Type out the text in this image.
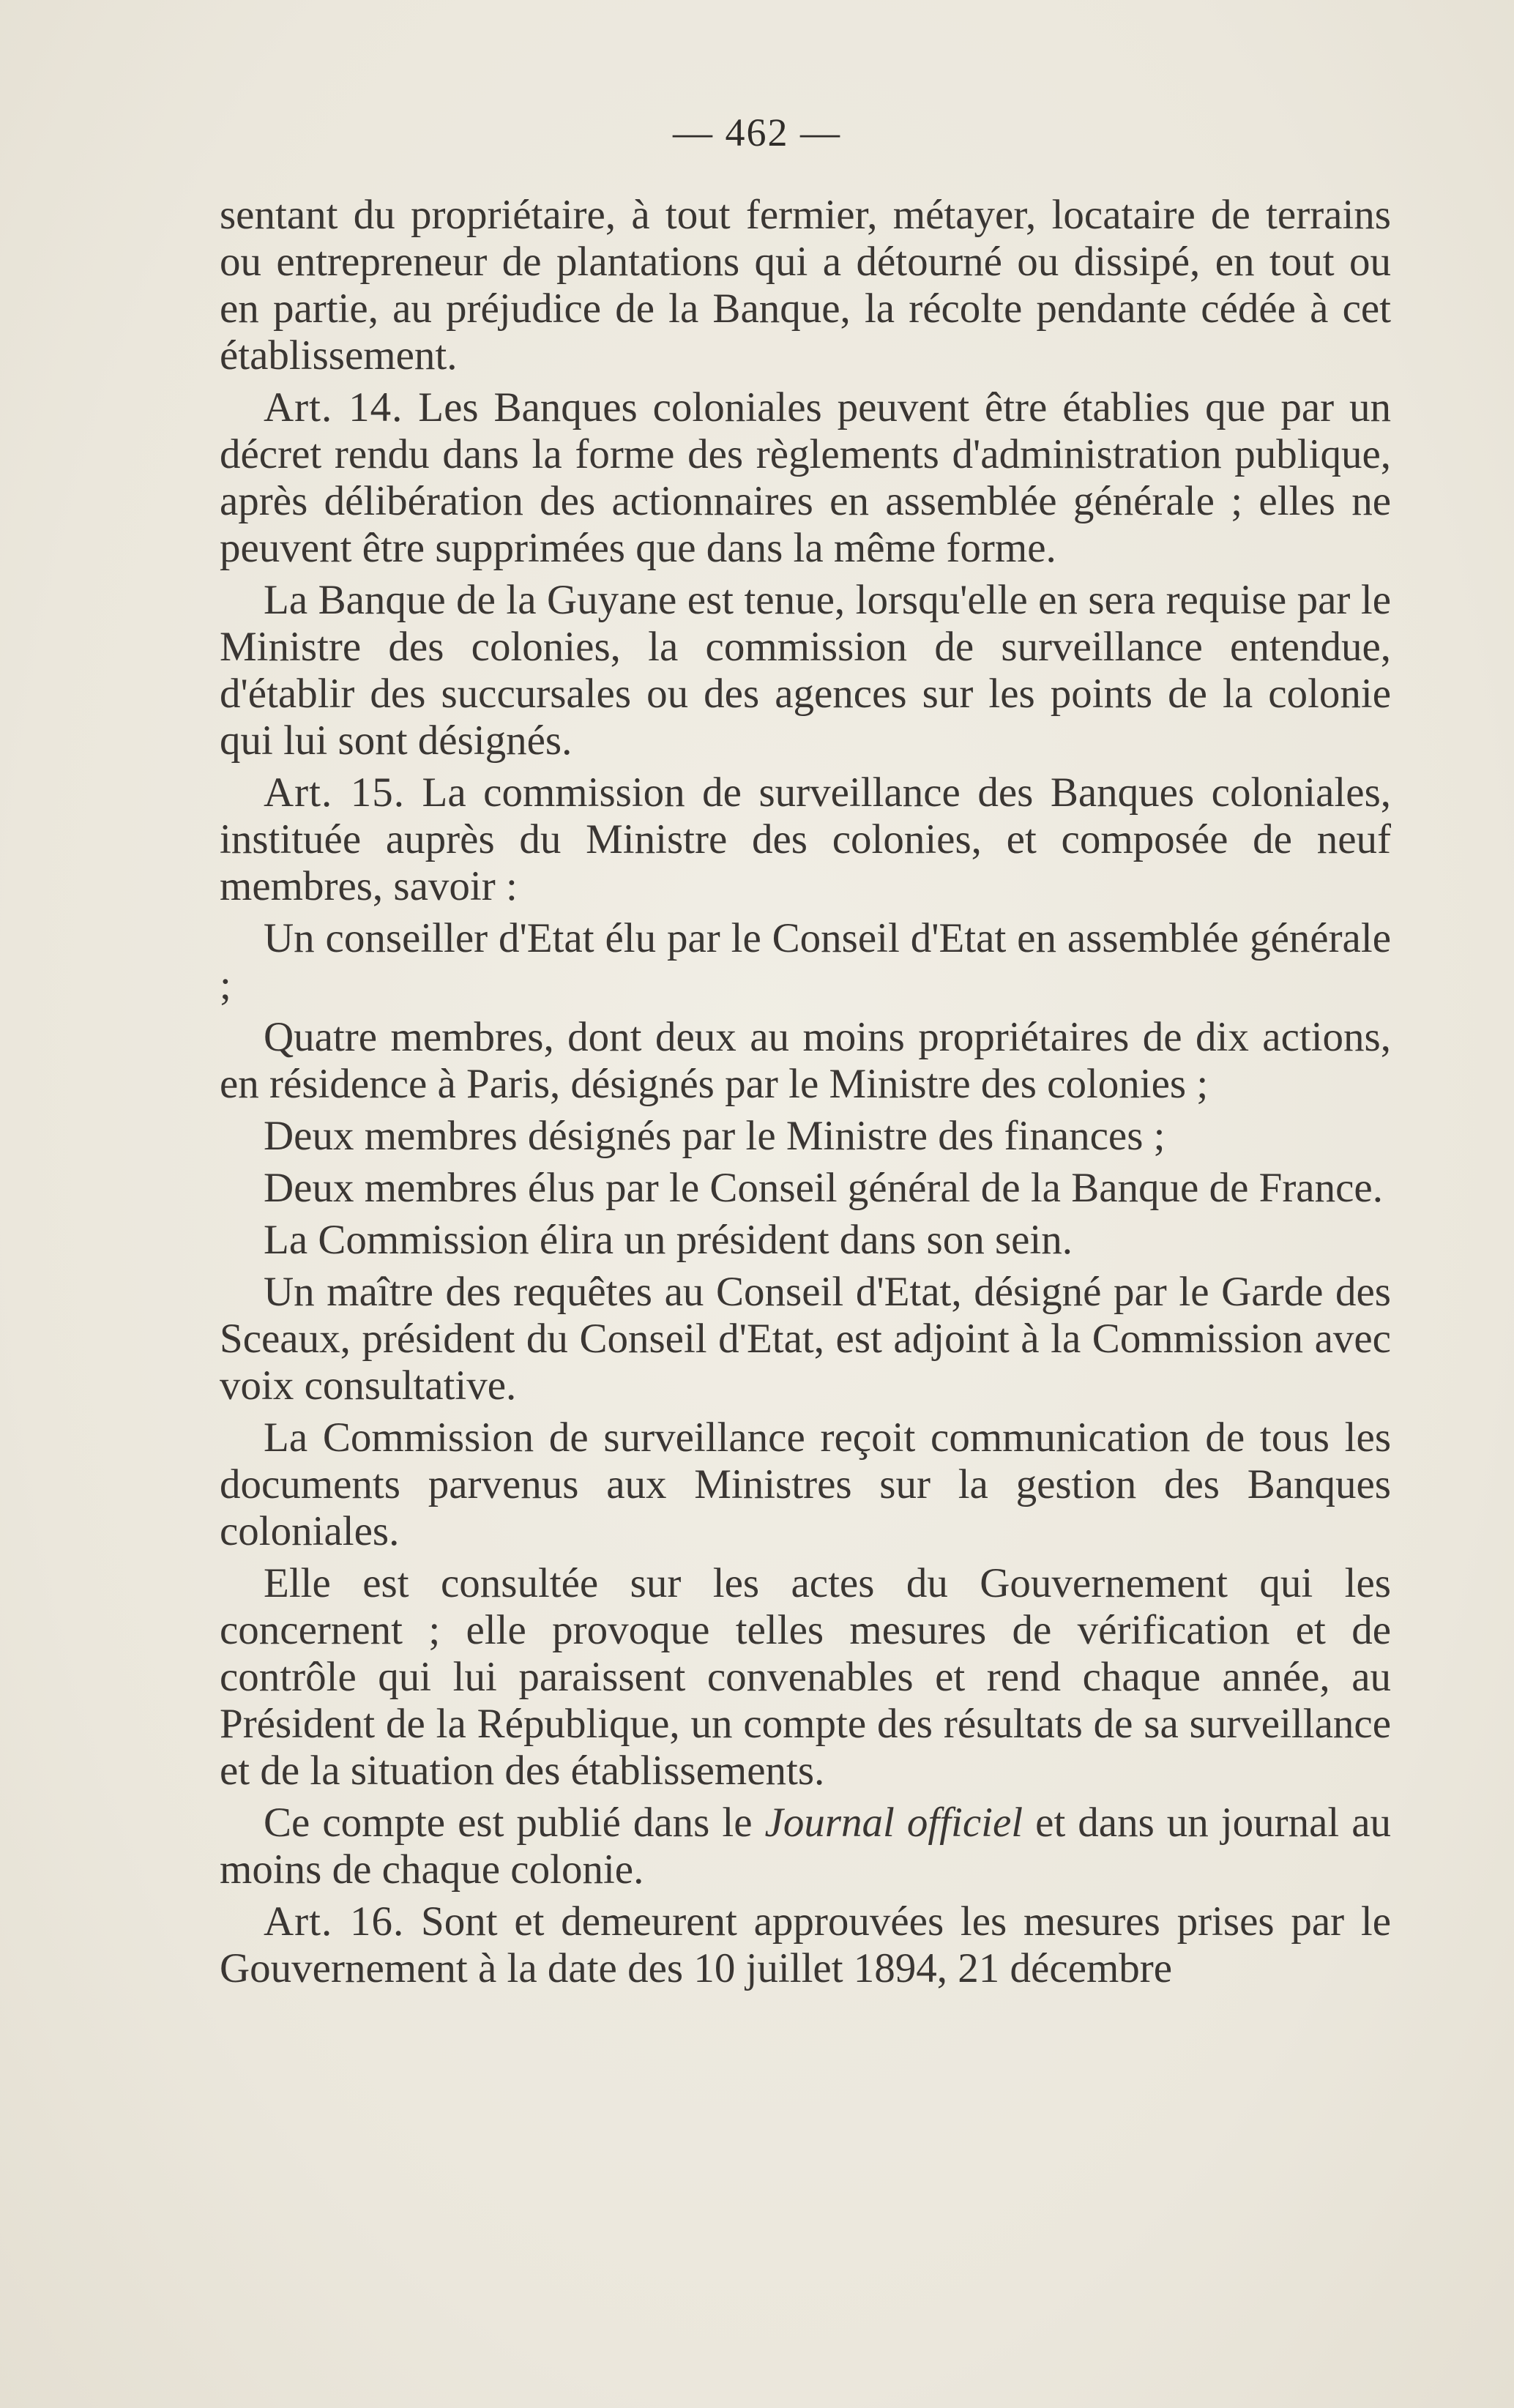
— 462 —

sentant du propriétaire, à tout fermier, métayer, locataire de terrains ou entrepreneur de plantations qui a détourné ou dissipé, en tout ou en partie, au préjudice de la Banque, la récolte pendante cédée à cet établissement.

Art. 14. Les Banques coloniales peuvent être établies que par un décret rendu dans la forme des règlements d'administration publique, après délibération des actionnaires en assemblée générale ; elles ne peuvent être supprimées que dans la même forme.

La Banque de la Guyane est tenue, lorsqu'elle en sera requise par le Ministre des colonies, la commission de surveillance entendue, d'établir des succursales ou des agences sur les points de la colonie qui lui sont désignés.

Art. 15. La commission de surveillance des Banques coloniales, instituée auprès du Ministre des colonies, et composée de neuf membres, savoir :

Un conseiller d'Etat élu par le Conseil d'Etat en assemblée générale ;

Quatre membres, dont deux au moins propriétaires de dix actions, en résidence à Paris, désignés par le Ministre des colonies ;

Deux membres désignés par le Ministre des finances ;

Deux membres élus par le Conseil général de la Banque de France.

La Commission élira un président dans son sein.

Un maître des requêtes au Conseil d'Etat, désigné par le Garde des Sceaux, président du Conseil d'Etat, est adjoint à la Commission avec voix consultative.

La Commission de surveillance reçoit communication de tous les documents parvenus aux Ministres sur la gestion des Banques coloniales.

Elle est consultée sur les actes du Gouvernement qui les concernent ; elle provoque telles mesures de vérification et de contrôle qui lui paraissent convenables et rend chaque année, au Président de la République, un compte des résultats de sa surveillance et de la situation des établissements.

Ce compte est publié dans le Journal officiel et dans un journal au moins de chaque colonie.

Art. 16. Sont et demeurent approuvées les mesures prises par le Gouvernement à la date des 10 juillet 1894, 21 décembre
